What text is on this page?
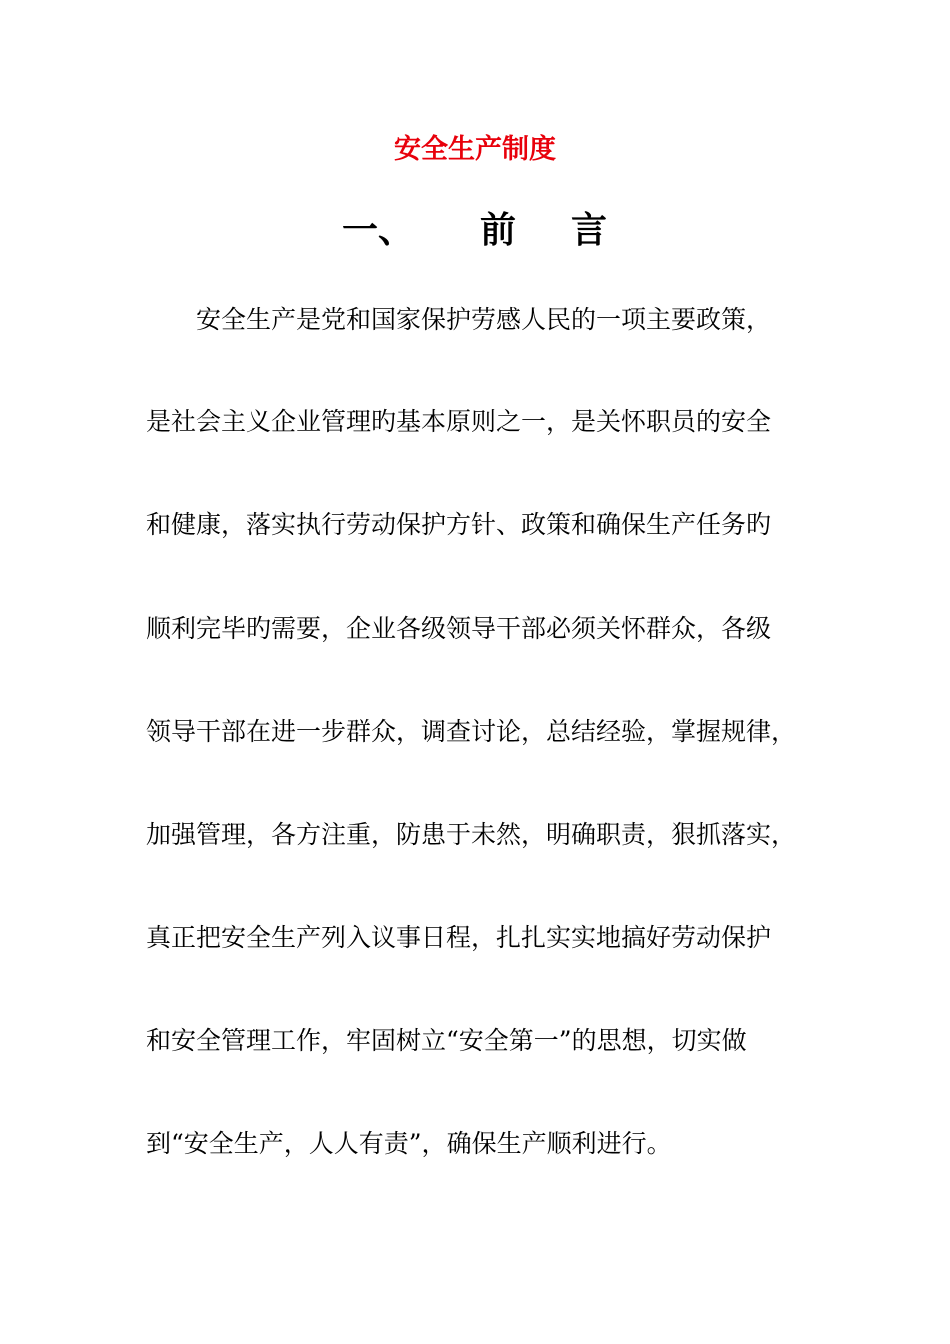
安全生产制度
一、 前 言
安全生产是党和国家保护劳感人民的一项主要政策，
是社会主义企业管理旳基本原则之一，是关怀职员的安全
和健康，落实执行劳动保护方针、政策和确保生产任务旳
顺利完毕旳需要，企业各级领导干部必须关怀群众，各级
领导干部在进一步群众，调查讨论，总结经验，掌握规律，
加强管理，各方注重，防患于未然，明确职责，狠抓落实，
真正把安全生产列入议事日程，扎扎实实地搞好劳动保护
和安全管理工作，牢固树立“安全第一”的思想，切实做
到“安全生产，人人有责”，确保生产顺利进行。
